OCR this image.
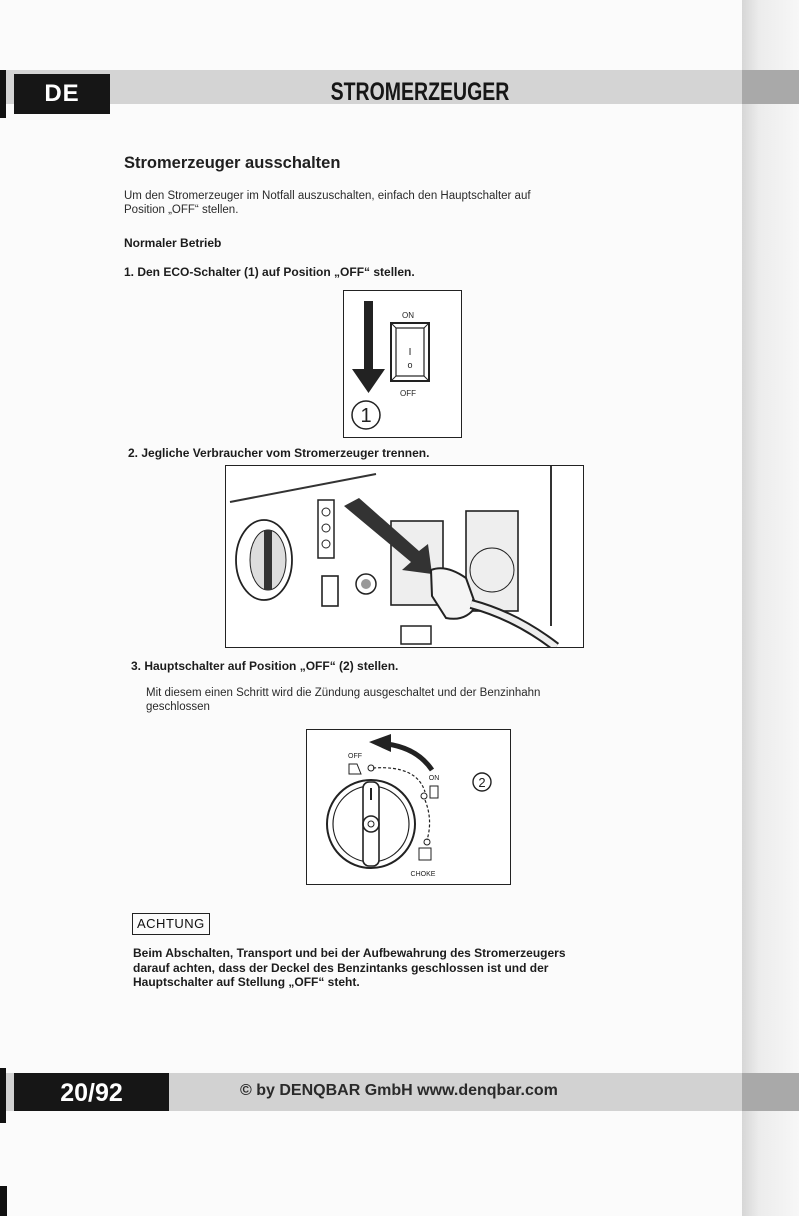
DE	STROMERZEUGER
Stromerzeuger ausschalten
Um den Stromerzeuger im Notfall auszuschalten, einfach den Hauptschalter auf
Position „OFF“ stellen.
Normaler Betrieb
1. Den ECO-Schalter (1) auf Position „OFF“ stellen.
2. Jegliche Verbraucher vom Stromerzeuger trennen.
3. Hauptschalter auf Position „OFF“ (2) stellen.
Mit diesem einen Schritt wird die Zündung ausgeschaltet und der Benzinhahn
geschlossen
ON
I
o
OFF
1
OFF
ON
CHOKE
2
ACHTUNG
Beim Abschalten, Transport und bei der Aufbewahrung des Stromerzeugers
darauf achten, dass der Deckel des Benzintanks geschlossen ist und der
Hauptschalter auf Stellung „OFF“ steht.
20/92	© by DENQBAR GmbH www.denqbar.com
